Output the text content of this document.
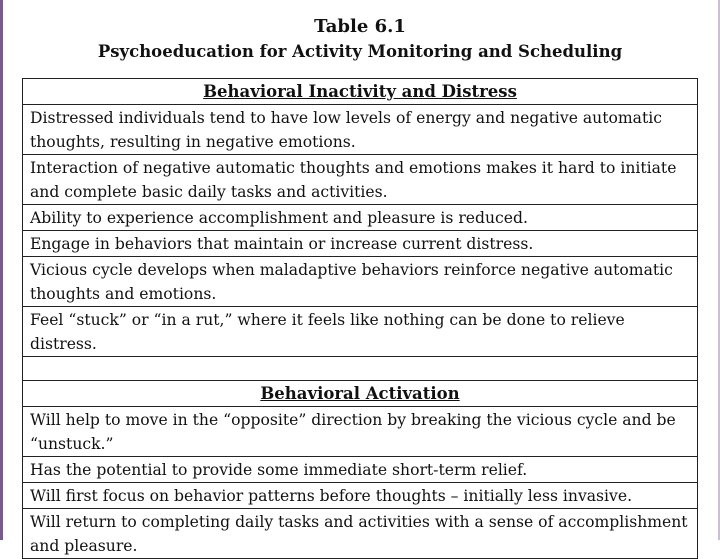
Table 6.1
Psychoeducation for Activity Monitoring and Scheduling
Behavioral Inactivity and Distress
Distressed individuals tend to have low levels of energy and negative automatic thoughts, resulting in negative emotions.
Interaction of negative automatic thoughts and emotions makes it hard to initiate and complete basic daily tasks and activities.
Ability to experience accomplishment and pleasure is reduced.
Engage in behaviors that maintain or increase current distress.
Vicious cycle develops when maladaptive behaviors reinforce negative automatic thoughts and emotions.
Feel “stuck” or “in a rut,” where it feels like nothing can be done to relieve distress.

Behavioral Activation
Will help to move in the “opposite” direction by breaking the vicious cycle and be “unstuck.”
Has the potential to provide some immediate short-term relief.
Will first focus on behavior patterns before thoughts – initially less invasive.
Will return to completing daily tasks and activities with a sense of accomplishment and pleasure.
